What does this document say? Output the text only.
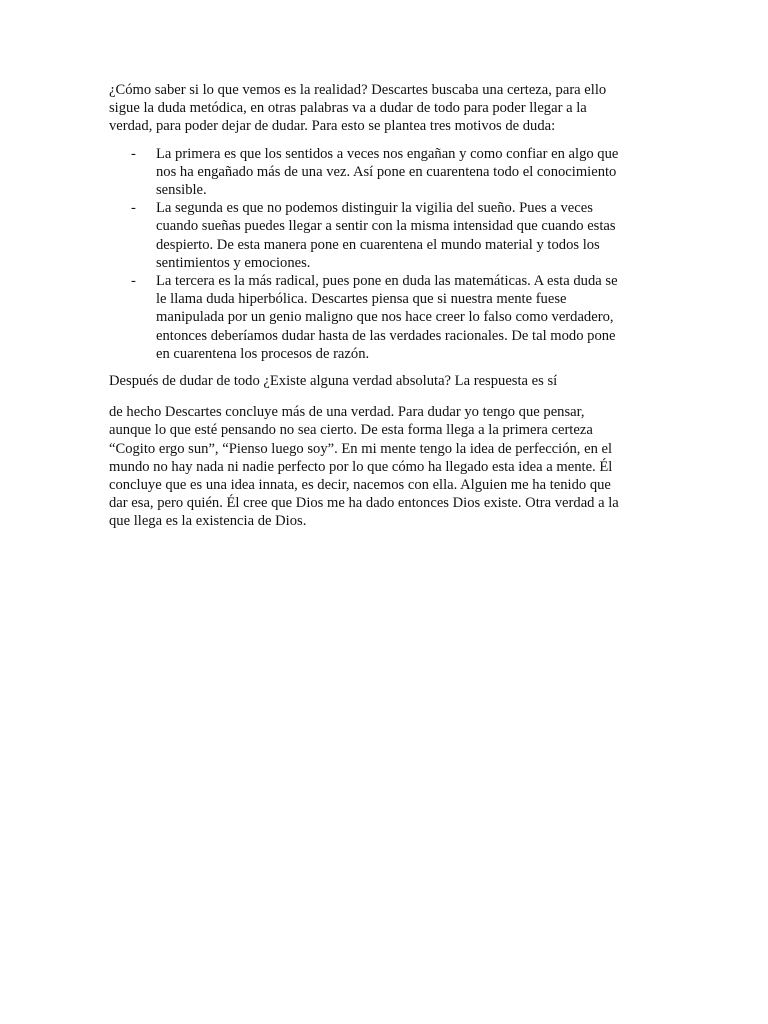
¿Cómo saber si lo que vemos es la realidad? Descartes buscaba una certeza, para ello
sigue la duda metódica, en otras palabras va a dudar de todo para poder llegar a la
verdad, para poder dejar de dudar. Para esto se plantea tres motivos de duda:

- La primera es que los sentidos a veces nos engañan y como confiar en algo que
nos ha engañado más de una vez. Así pone en cuarentena todo el conocimiento
sensible.
- La segunda es que no podemos distinguir la vigilia del sueño. Pues a veces
cuando sueñas puedes llegar a sentir con la misma intensidad que cuando estas
despierto. De esta manera pone en cuarentena el mundo material y todos los
sentimientos y emociones.
- La tercera es la más radical, pues pone en duda las matemáticas. A esta duda se
le llama duda hiperbólica. Descartes piensa que si nuestra mente fuese
manipulada por un genio maligno que nos hace creer lo falso como verdadero,
entonces deberíamos dudar hasta de las verdades racionales. De tal modo pone
en cuarentena los procesos de razón.

Después de dudar de todo ¿Existe alguna verdad absoluta? La respuesta es sí

de hecho Descartes concluye más de una verdad. Para dudar yo tengo que pensar,
aunque lo que esté pensando no sea cierto. De esta forma llega a la primera certeza
“Cogito ergo sun”, “Pienso luego soy”. En mi mente tengo la idea de perfección, en el
mundo no hay nada ni nadie perfecto por lo que cómo ha llegado esta idea a mente. Él
concluye que es una idea innata, es decir, nacemos con ella. Alguien me ha tenido que
dar esa, pero quién. Él cree que Dios me ha dado entonces Dios existe. Otra verdad a la
que llega es la existencia de Dios.
